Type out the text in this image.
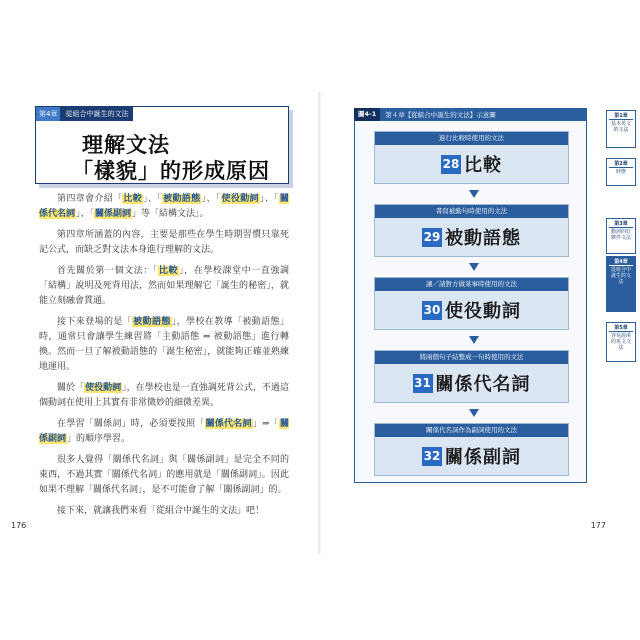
第4章	從組合中誕生的文法
理解文法
「樣貌」的形成原因

第四章會介紹「比較」、「被動語態」、「使役動詞」、「關係代名詞」、「關係副詞」等「結構文法」。

第四章所涵蓋的內容，主要是那些在學生時期習慣只靠死記公式，而缺乏對文法本身進行理解的文法。

首先關於第一個文法：「比較」，在學校課堂中一直強調「結構」說明及死背用法，然而如果理解它「誕生的秘密」，就能立刻融會貫通。

接下來登場的是「被動語態」，學校在教導「被動語態」時，通常只會讓學生練習將「主動語態 ⇔ 被動語態」進行轉換。然而一旦了解被動語態的「誕生秘密」，就能夠正確並熟練地運用。

關於「使役動詞」，在學校也是一直強調死背公式，不過這個動詞在使用上其實有非常微妙的細微差異。

在學習「關係詞」時，必須要按照「關係代名詞」⇒「關係副詞」的順序學習。

很多人覺得「關係代名詞」與「關係副詞」是完全不同的東西，不過其實「關係代名詞」的應用就是「關係副詞」。因此如果不理解「關係代名詞」，是不可能會了解「關係副詞」的。

接下來，就讓我們來看「從組合中誕生的文法」吧！

176
圖4-1	第４章【從組合中誕生的文法】示意圖
進行比較時使用的文法
28 比較
書寫被動句時使用的文法
29 被動語態
讓／請對方做某事時使用的文法
30 使役動詞
將兩個句子結整成一句時使用的文法
31 關係代名詞
關係代名詞作為副詞使用的文法
32 關係副詞
第1章
基本英文的文法
第2章
時態
第3章
動詞的好夥伴文法
第4章
從組合中誕生的文法
第5章
容易混淆的英文文法
177
